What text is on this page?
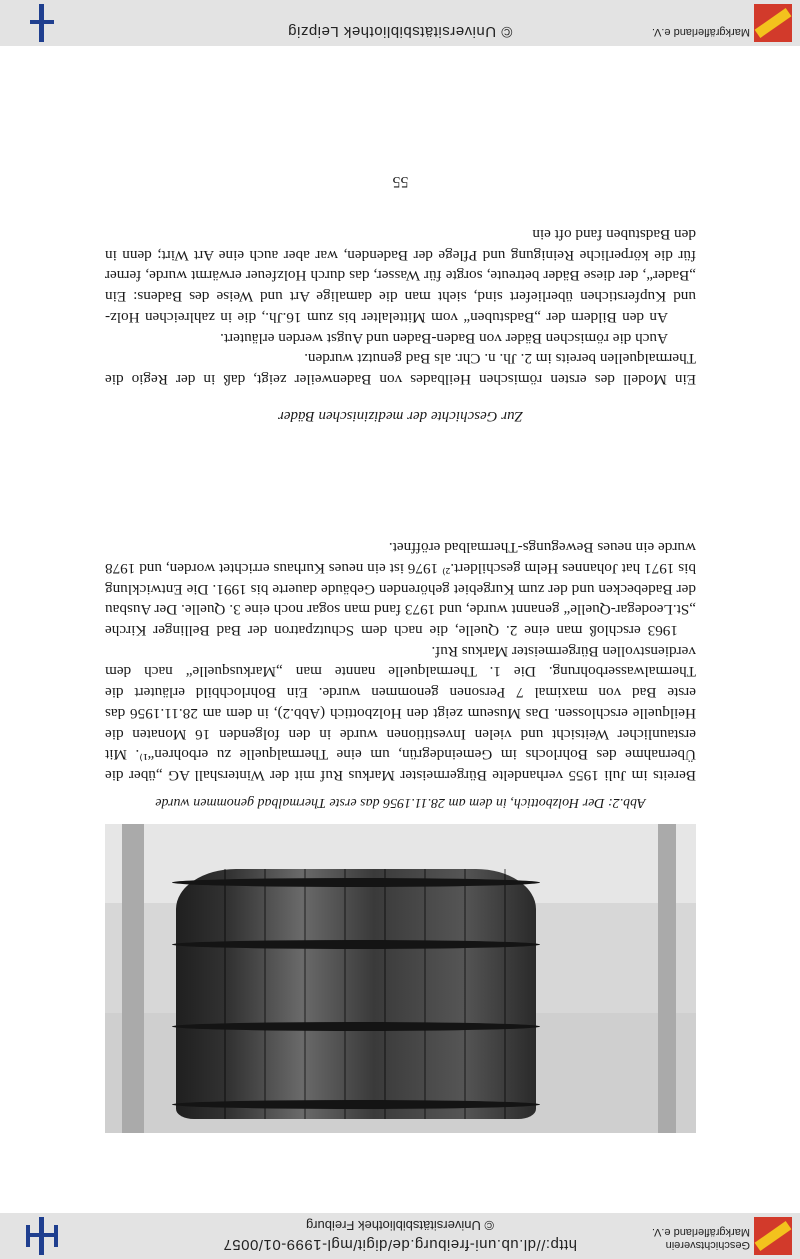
Geschichtsverein
Markgräflerland e.V.
http://dl.ub.uni-freiburg.de/digit/mgl-1999-01/0057
© Universitätsbibliothek Freiburg
Abb.2: Der Holzbottich, in dem am 28.11.1956 das erste Thermalbad genommen wurde
Bereits im Juli 1955 verhandelte Bürgermeister Markus Ruf mit der Wintershall AG „über die Übernahme des Bohrlochs im Gemeindegrün, um eine Thermalquelle zu erbohren“¹⁾. Mit erstaunlicher Weitsicht und vielen Investitionen wurde in den folgenden 16 Monaten die Heilquelle erschlossen. Das Museum zeigt den Holzbottich (Abb.2), in dem am 28.11.1956 das erste Bad von maximal 7 Personen genommen wurde. Ein Bohrlochbild erläutert die Thermalwasserbohrung. Die 1. Thermalquelle nannte man „Markusquelle“ nach dem verdienstvollen Bürgermeister Markus Ruf.
1963 erschloß man eine 2. Quelle, die nach dem Schutzpatron der Bad Bellinger Kirche „St.Leodegar-Quelle“ genannt wurde, und 1973 fand man sogar noch eine 3. Quelle. Der Ausbau der Badebecken und der zum Kurgebiet gehörenden Gebäude dauerte bis 1991. Die Entwicklung bis 1971 hat Johannes Helm geschildert.²⁾ 1976 ist ein neues Kurhaus errichtet worden, und 1978 wurde ein neues Bewegungs-Thermalbad eröffnet.
Zur Geschichte der medizinischen Bäder
Ein Modell des ersten römischen Heilbades von Badenweiler zeigt, daß in der Regio die Thermalquellen bereits im 2. Jh. n. Chr. als Bad genutzt wurden.
Auch die römischen Bäder von Baden-Baden und Augst werden erläutert.
An den Bildern der „Badstuben“ vom Mittelalter bis zum 16.Jh., die in zahlreichen Holz- und Kupferstichen überliefert sind, sieht man die damalige Art und Weise des Badens: Ein „Bader“, der diese Bäder betreute, sorgte für Wasser, das durch Holzfeuer erwärmt wurde, ferner für die körperliche Reinigung und Pflege der Badenden, war aber auch eine Art Wirt; denn in den Badstuben fand oft ein
55
Markgräflerland e.V.
© Universitätsbibliothek Leipzig
